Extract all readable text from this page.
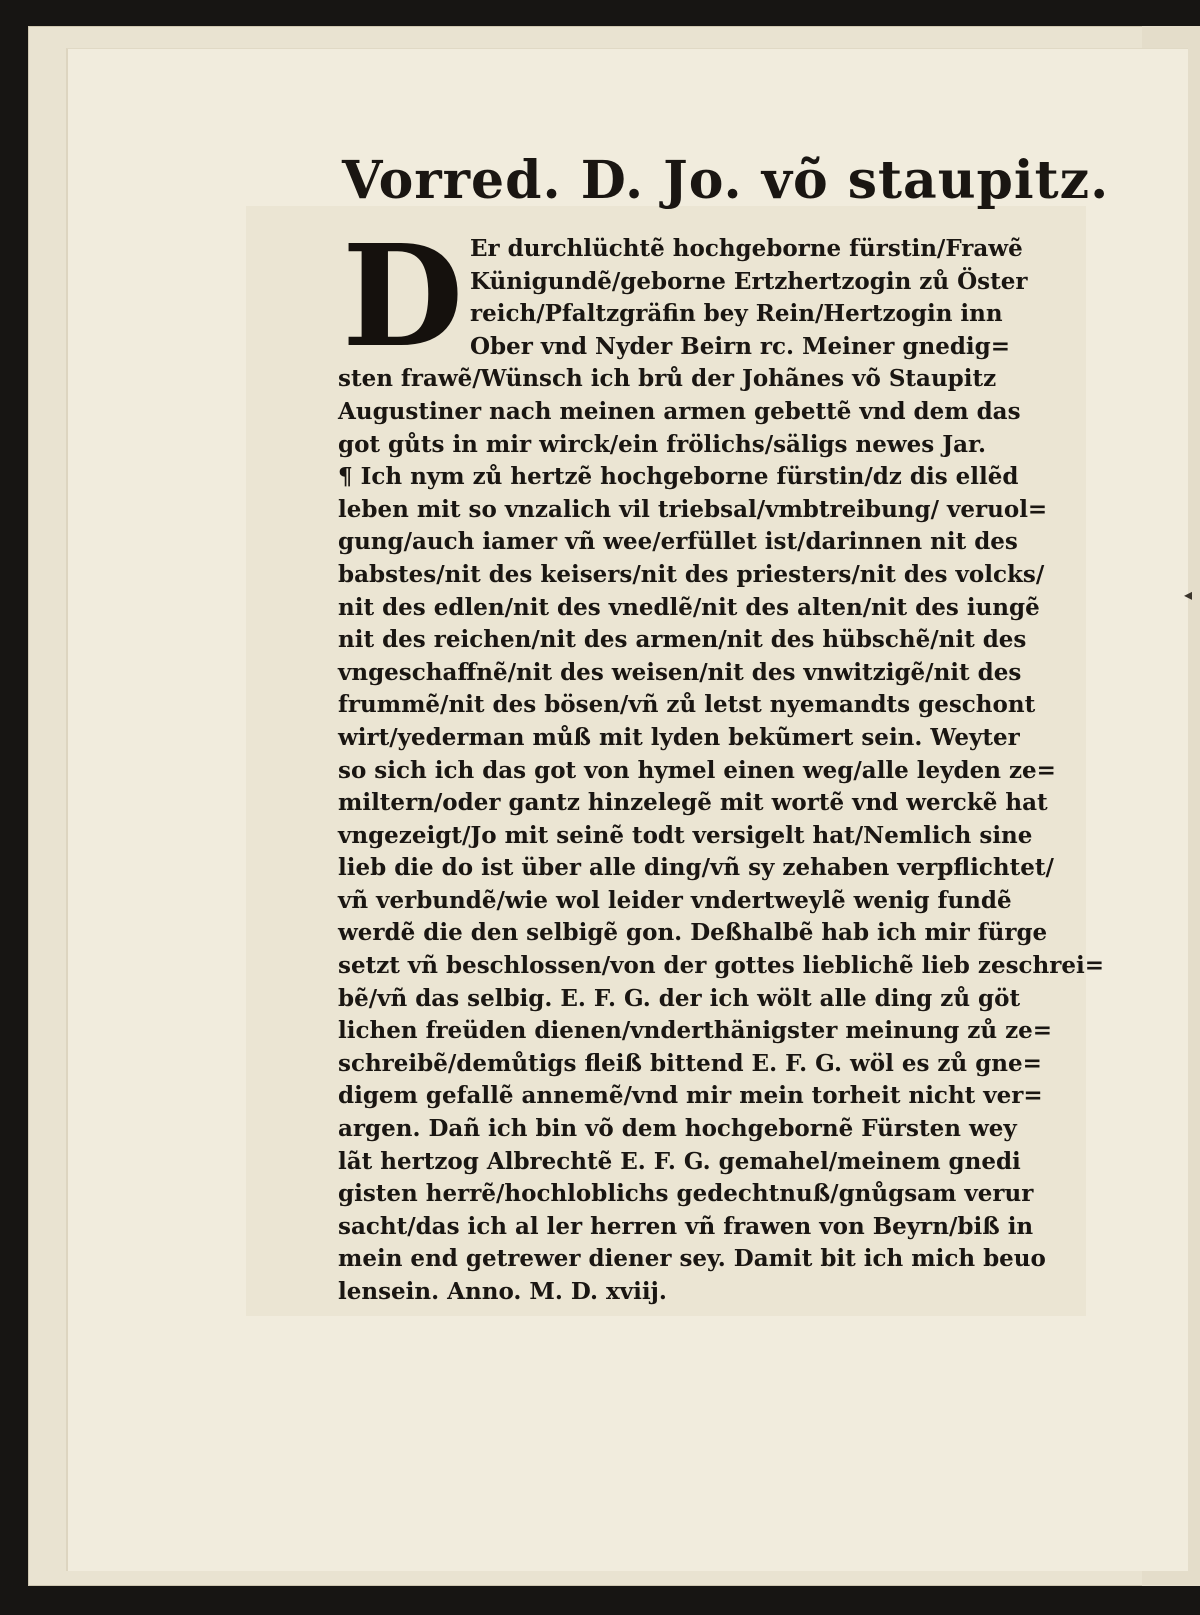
Vorred. D. Jo. võ staupitz.
D Er durchlüchtẽ hochgeborne fürstin/Frawẽ
Künigundẽ/geborne Ertzhertzogin zů Öster
reich/Pfaltzgräfin bey Rein/Hertzogin inn
Ober vnd Nyder Beirn rc. Meiner gnedig=
sten frawẽ/Wünsch ich brů der Johãnes võ Staupitz
Augustiner nach meinen armen gebettẽ vnd dem das
got gůts in mir wirck/ein frölichs/säligs newes Jar.
¶ Ich nym zů hertzẽ hochgeborne fürstin/dz dis ellẽd
leben mit so vnzalich vil triebsal/vmbtreibung/ veruol=
gung/auch iamer vñ wee/erfüllet ist/darinnen nit des
babstes/nit des keisers/nit des priesters/nit des volcks/
nit des edlen/nit des vnedlẽ/nit des alten/nit des iungẽ
nit des reichen/nit des armen/nit des hübschẽ/nit des
vngeschaffnẽ/nit des weisen/nit des vnwitzigẽ/nit des
frummẽ/nit des bösen/vñ zů letst nyemandts geschont
wirt/yederman můß mit lyden bekũmert sein. Weyter
so sich ich das got von hymel einen weg/alle leyden ze=
miltern/oder gantz hinzelegẽ mit wortẽ vnd werckẽ hat
vngezeigt/Jo mit seinẽ todt versigelt hat/Nemlich sine
lieb die do ist über alle ding/vñ sy zehaben verpflichtet/
vñ verbundẽ/wie wol leider vndertweylẽ wenig fundẽ
werdẽ die den selbigẽ gon. Deßhalbẽ hab ich mir fürge
setzt vñ beschlossen/von der gottes lieblichẽ lieb zeschrei=
bẽ/vñ das selbig. E. F. G. der ich wölt alle ding zů göt
lichen freüden dienen/vnderthänigster meinung zů ze=
schreibẽ/demůtigs fleiß bittend E. F. G. wöl es zů gne=
digem gefallẽ annemẽ/vnd mir mein torheit nicht ver=
argen. Dañ ich bin võ dem hochgebornẽ Fürsten wey
lãt hertzog Albrechtẽ E. F. G. gemahel/meinem gnedi
gisten herrẽ/hochloblichs gedechtnuß/gnůgsam verur
sacht/das ich al ler herren vñ frawen von Beyrn/biß in
mein end getrewer diener sey. Damit bit ich mich beuo
lensein. Anno. M. D. xviij.
◂
